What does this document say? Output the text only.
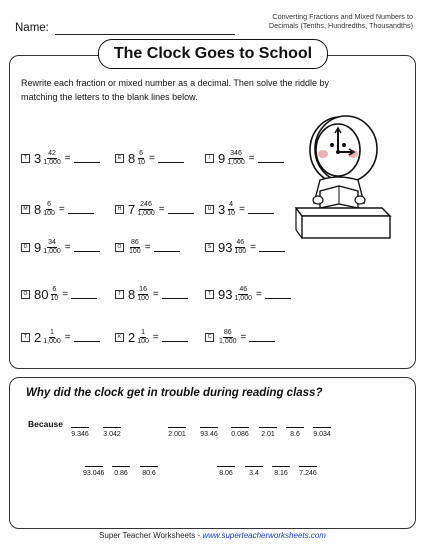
Name:
Converting Fractions and Mixed Numbers to
Decimals (Tenths, Hundredths, Thousandths)
The Clock Goes to School
Rewrite each fraction or mixed number as a decimal. Then solve the riddle by matching the letters to the blank lines below.
T $3 \frac{42}{1,000}$ =	E $8 \frac{6}{10}$ =	I $9 \frac{346}{1,000}$ =
M $8 \frac{6}{100}$ =	H $7 \frac{246}{1,000}$ =	U $3 \frac{4}{10}$ =
D $9 \frac{34}{1,000}$ =	O	$\frac{86}{100}$ =	S $93 \frac{46}{100}$ =
O $80 \frac{6}{10}$ =	T $8 \frac{16}{100}$ =	T $93 \frac{46}{1,000}$ =
T $2 \frac{1}{1,000}$ =	K $2 \frac{1}{100}$ =	C	$\frac{86}{1,000}$ =
Why did the clock get in trouble during reading class?
Because
9.346 3.042	2.001 93.46 0.086 2.01 8.6 9.034
93.046 0.86 80.6	8.06 3.4 8.16 7.246
Super Teacher Worksheets - www.superteacherworksheets.com
